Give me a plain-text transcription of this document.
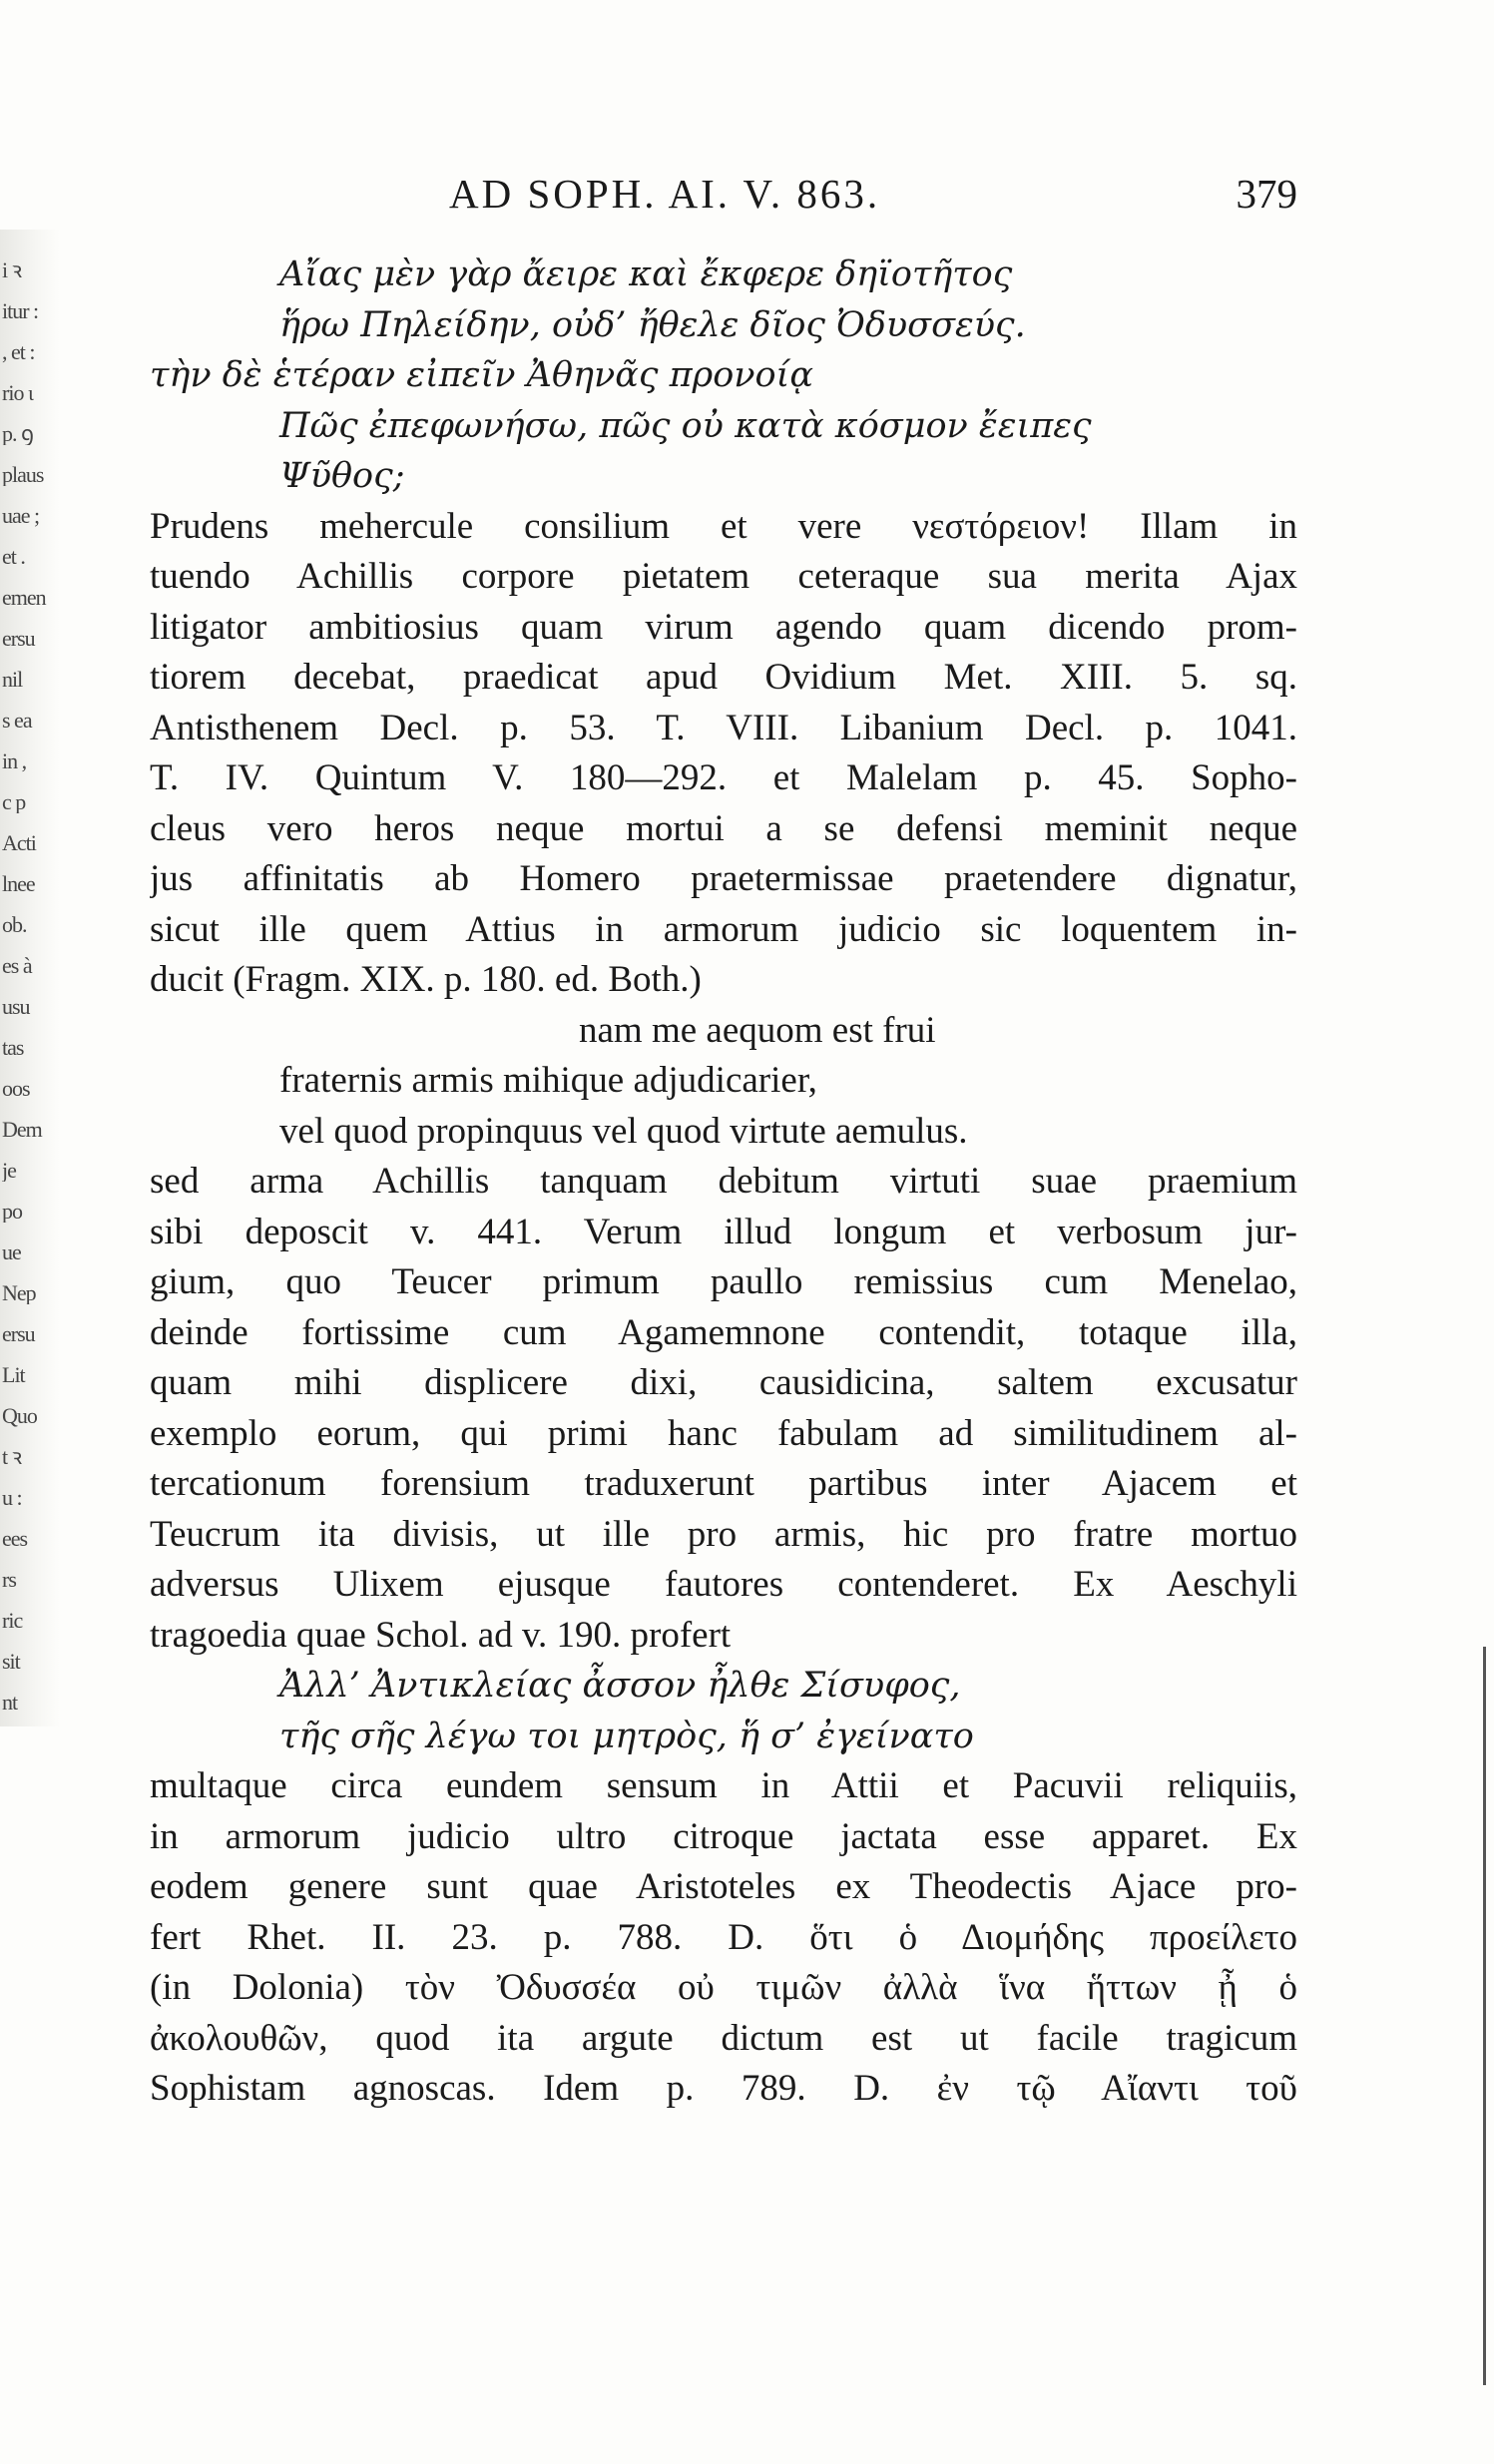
i ꝛ
itur :
, et :
rio ι
p. ꝯ
plaus
uae ;
et .
emen
ersu
nil
s ea
in ,
c p
Acti
lnee
ob.
es à
usu
tas
oos
Dem
je
po
ue
Nep
ersu
Lit
Quo
t ꝛ
u :
ees
rs
ric
sit
nt
AD SOPH. AI. V. 863.	379
Αἴας μὲν γὰρ ἄειρε καὶ ἔκφερε δηϊοτῆτος
ἥρω Πηλείδην, οὐδ’ ἤθελε δῖος Ὀδυσσεύς.
τὴν δὲ ἑτέραν εἰπεῖν Ἀθηνᾶς προνοίᾳ
Πῶς ἐπεφωνήσω, πῶς οὐ κατὰ κόσμον ἔειπες
Ψῦθος;
Prudens mehercule consilium et vere νεστόρειον! Illam in
tuendo Achillis corpore pietatem ceteraque sua merita Ajax
litigator ambitiosius quam virum agendo quam dicendo prom-
tiorem decebat, praedicat apud Ovidium Met. XIII. 5. sq.
Antisthenem Decl. p. 53. T. VIII. Libanium Decl. p. 1041.
T. IV. Quintum V. 180—292. et Malelam p. 45. Sopho-
cleus vero heros neque mortui a se defensi meminit neque
jus affinitatis ab Homero praetermissae praetendere dignatur,
sicut ille quem Attius in armorum judicio sic loquentem in-
ducit (Fragm. XIX. p. 180. ed. Both.)
nam me aequom est frui
fraternis armis mihique adjudicarier,
vel quod propinquus vel quod virtute aemulus.
sed arma Achillis tanquam debitum virtuti suae praemium
sibi deposcit v. 441. Verum illud longum et verbosum jur-
gium, quo Teucer primum paullo remissius cum Menelao,
deinde fortissime cum Agamemnone contendit, totaque illa,
quam mihi displicere dixi, causidicina, saltem excusatur
exemplo eorum, qui primi hanc fabulam ad similitudinem al-
tercationum forensium traduxerunt partibus inter Ajacem et
Teucrum ita divisis, ut ille pro armis, hic pro fratre mortuo
adversus Ulixem ejusque fautores contenderet. Ex Aeschyli
tragoedia quae Schol. ad v. 190. profert
Ἀλλ’ Ἀντικλείας ἆσσον ἦλθε Σίσυφος,
τῆς σῆς λέγω τοι μητρὸς, ἥ σ’ ἐγείνατο
multaque circa eundem sensum in Attii et Pacuvii reliquiis,
in armorum judicio ultro citroque jactata esse apparet. Ex
eodem genere sunt quae Aristoteles ex Theodectis Ajace pro-
fert Rhet. II. 23. p. 788. D. ὅτι ὁ Διομήδης προείλετο
(in Dolonia) τὸν Ὀδυσσέα οὐ τιμῶν ἀλλὰ ἵνα ἥττων ᾖ ὁ
ἀκολουθῶν, quod ita argute dictum est ut facile tragicum
Sophistam agnoscas. Idem p. 789. D. ἐν τῷ Αἴαντι τοῦ
